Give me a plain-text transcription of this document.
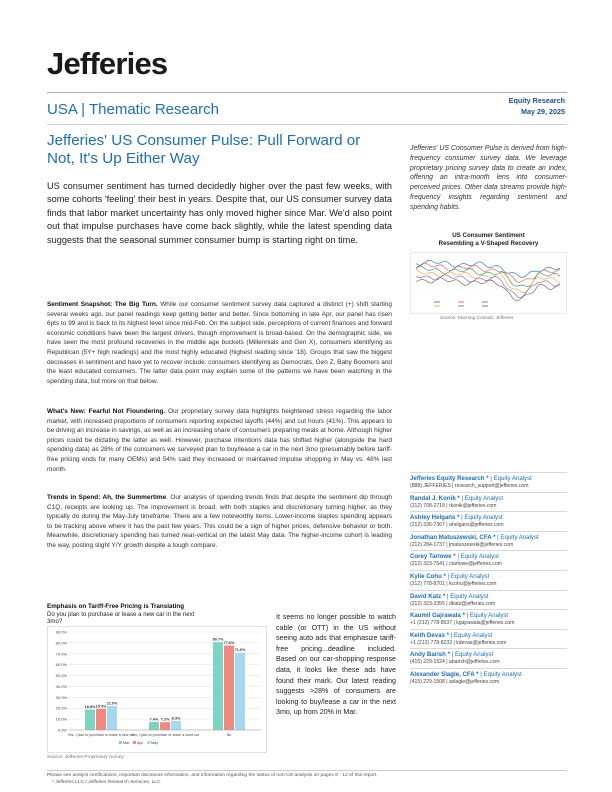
Jefferies
USA | Thematic Research
Equity Research
May 29, 2025
Jefferies' US Consumer Pulse: Pull Forward or Not, It's Up Either Way

US consumer sentiment has turned decidedly higher over the past few weeks, with some cohorts 'feeling' their best in years. Despite that, our US consumer survey data finds that labor market uncertainty has only moved higher since Mar. We'd also point out that impulse purchases have come back slightly, while the latest spending data suggests that the seasonal summer consumer bump is starting right on time.

Sentiment Snapshot: The Big Turn. While our consumer sentiment survey data captured a distinct (+) shift starting several weeks ago, our panel readings keep getting better and better. Since bottoming in late Apr, our panel has risen 6pts to 99 and is back to its highest level since mid-Feb. On the subject side, perceptions of current finances and forward economic conditions have been the largest drivers, though improvement is broad-based. On the demographic side, we have seen the most profound recoveries in the middle age buckets (Millennials and Gen X), consumers identifying as Republican (5Y+ high readings) and the most highly educated (highest reading since '18). Groups that saw the biggest decreases in sentiment and have yet to recover include: consumers identifying as Democrats, Gen Z, Baby Boomers and the least educated consumers. The latter data point may explain some of the patterns we have been watching in the spending data, but more on that below.

What's New: Fearful Not Floundering. Our proprietary survey data highlights heightened stress regarding the labor market, with increased proportions of consumers reporting expected layoffs (44%) and cut hours (41%). This appears to be driving an increase in savings, as well as an increasing share of consumers preparing meals at home. Although higher prices could be dictating the latter as well. However, purchase intentions data has shifted higher (alongside the hard spending data) as 28% of the consumers we surveyed plan to buy/lease a car in the next 3mo (presumably before tariff-free pricing ends for many OEMs) and 54% said they increased or maintained impulse shopping in May vs. 48% last month.

Trends in Spend: Ah, the Summertime. Our analysis of spending trends finds that despite the sentiment dip through C1Q, receipts are looking up. The improvement is broad, with both staples and discretionary turning higher, as they typically do during the May-July timeframe. There are a few noteworthy items. Lower-income staples spending appears to be tracking above where it has the past few years. This could be a sign of higher prices, defensive behavior or both. Meanwhile, discretionary spending has turned near-vertical on the latest May data. The higher-income cohort is leading the way, posting slight Y/Y growth despite a tough compare.

Jefferies' US Consumer Pulse is derived from high-frequency consumer survey data. We leverage proprietary pricing survey data to create an index, offering an intra-month lens into consumer-perceived prices. Other data streams provide high-frequency insights regarding sentiment and spending habits.

US Consumer Sentiment
Resembling a V-Shaped Recovery
Source: Morning Consult, Jefferies
Jefferies Equity Research * | Equity Analyst
(888) JEFFERIES | research_support@jefferies.com
Randal J. Konik * | Equity Analyst
(212) 708-2719 | rkonik@jefferies.com
Ashley Helgans * | Equity Analyst
(212) 336-7367 | ahelgans@jefferies.com
Jonathan Matuszewski, CFA * | Equity Analyst
(212) 284-1737 | jmatuszewski@jefferies.com
Corey Tarlowe * | Equity Analyst
(212) 323-7541 | ctarlowe@jefferies.com
Kylie Cohu * | Equity Analyst
(212) 778-8701 | kcohu@jefferies.com
David Katz * | Equity Analyst
(212) 323-3355 | dkatz@jefferies.com
Kaumil Gajrawala * | Equity Analyst
+1 (212) 778-8537 | kgajrawala@jefferies.com
Keith Devas * | Equity Analyst
+1 (212) 778-8233 | kdevas@jefferies.com
Andy Barish * | Equity Analyst
(415) 229-1524 | abarish@jefferies.com
Alexander Slagle, CFA * | Equity Analyst
(415) 229-1508 | aslagle@jefferies.com
Emphasis on Tariff-Free Pricing is Translating
Do you plan to purchase or lease a new car in the next 3mo?
0.0%
10.0%
20.0%
30.0%
40.0%
50.0%
60.0%
70.0%
80.0%
90.0%
18.8% 19.4%
22.0%
Yes, I plan to purchase or lease a new car
7.4% 7.2% 8.3%
Yes, I plan to purchase or lease a used car
80.7%
77.6%
71.0%
No
Mar Apr May
Source: Jefferies Proprietary Survey

It seems no longer possible to watch cable (or OTT) in the US without seeing auto ads that emphasize tariff-free pricing...deadline included. Based on our car-shopping response data, it looks like these ads have found their mark. Our latest reading suggests >28% of consumers are looking to buy/lease a car in the next 3mo, up from 20% in Mar.

Please see analyst certifications, important disclosure information, and information regarding the status of non-US analysts on pages 8 - 12 of this report.
* Jefferies LLC / Jefferies Research Services, LLC
